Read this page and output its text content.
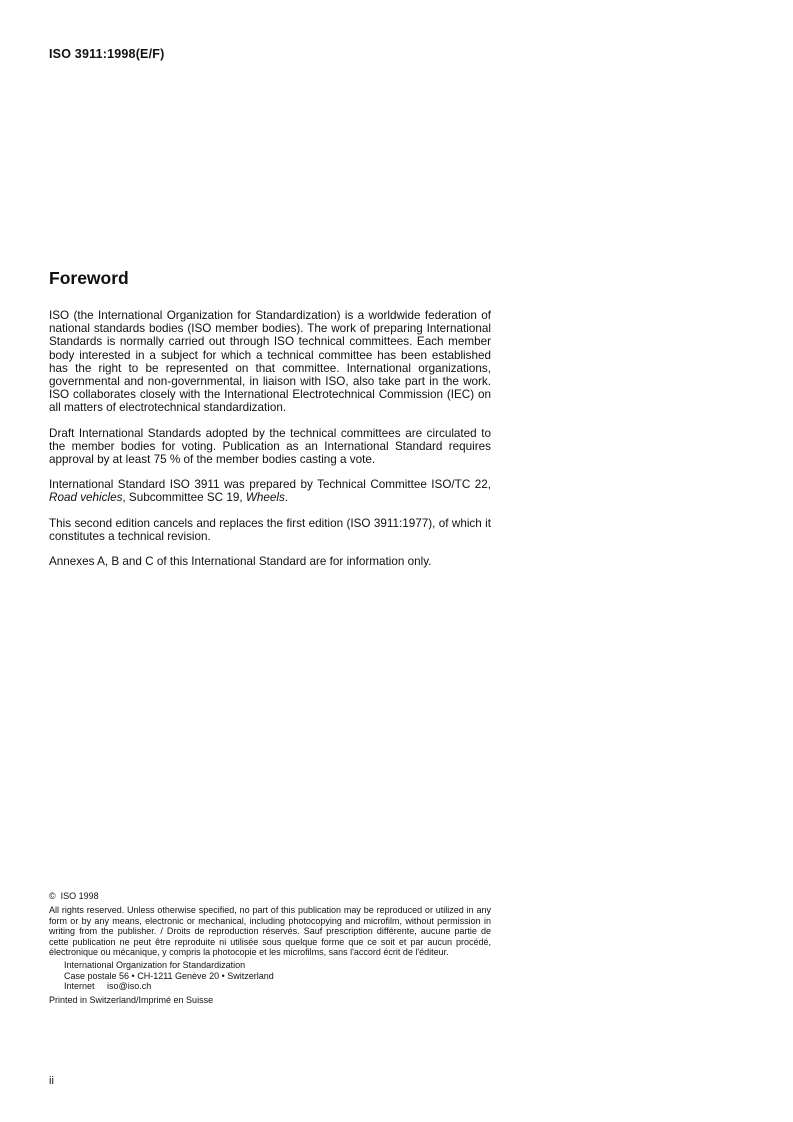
ISO 3911:1998(E/F)
Foreword

ISO (the International Organization for Standardization) is a worldwide federation of national standards bodies (ISO member bodies). The work of preparing International Standards is normally carried out through ISO technical committees. Each member body interested in a subject for which a technical committee has been established has the right to be represented on that committee. International organizations, governmental and non-governmental, in liaison with ISO, also take part in the work. ISO collaborates closely with the International Electrotechnical Commission (IEC) on all matters of electrotechnical standardization.

Draft International Standards adopted by the technical committees are circulated to the member bodies for voting. Publication as an International Standard requires approval by at least 75 % of the member bodies casting a vote.

International Standard ISO 3911 was prepared by Technical Committee ISO/TC 22, Road vehicles, Subcommittee SC 19, Wheels.

This second edition cancels and replaces the first edition (ISO 3911:1977), of which it constitutes a technical revision.

Annexes A, B and C of this International Standard are for information only.

© ISO 1998
All rights reserved. Unless otherwise specified, no part of this publication may be reproduced or utilized in any form or by any means, electronic or mechanical, including photocopying and microfilm, without permission in writing from the publisher. / Droits de reproduction réservés. Sauf prescription différente, aucune partie de cette publication ne peut être reproduite ni utilisée sous quelque forme que ce soit et par aucun procédé, électronique ou mécanique, y compris la photocopie et les microfilms, sans l'accord écrit de l'éditeur.
International Organization for Standardization
Case postale 56 • CH-1211 Genève 20 • Switzerland
Internet iso@iso.ch
Printed in Switzerland/Imprimé en Suisse
ii
